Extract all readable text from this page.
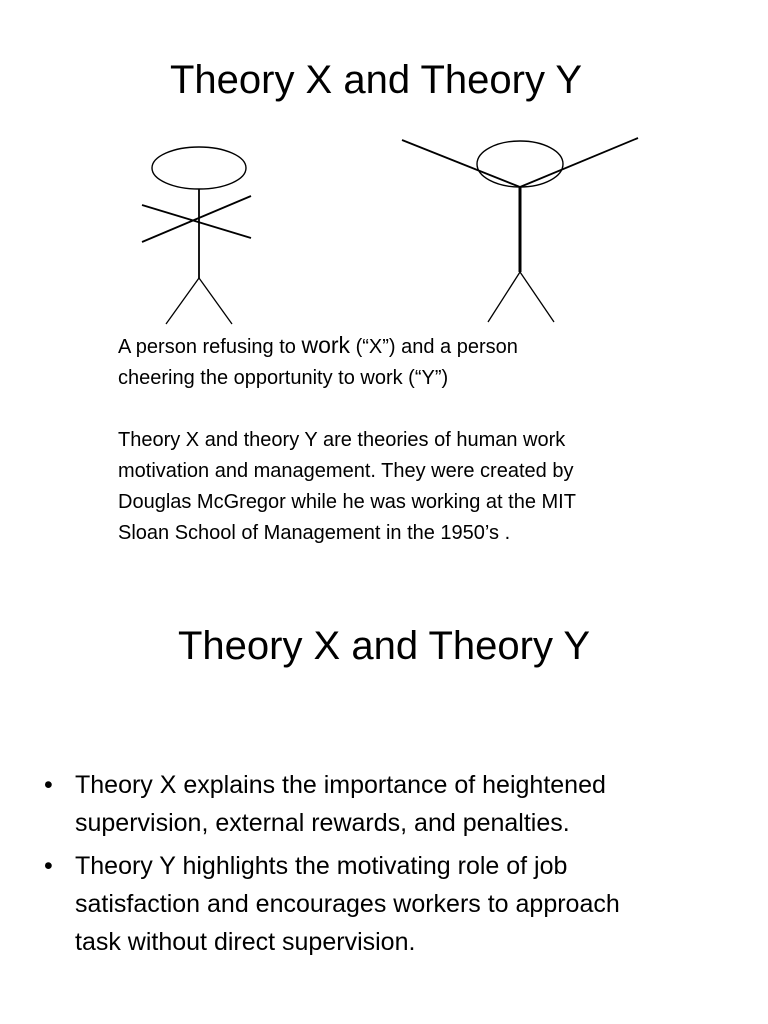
Theory X and Theory Y
A person refusing to work (“X”) and a person
cheering the opportunity to work (“Y”)
Theory X and theory Y are theories of human work
motivation and management. They were created by
Douglas McGregor while he was working at the MIT
Sloan School of Management in the 1950’s .
Theory X and Theory Y
• Theory X explains the importance of heightened
supervision, external rewards, and penalties.
• Theory Y highlights the motivating role of job
satisfaction and encourages workers to approach
task without direct supervision.
